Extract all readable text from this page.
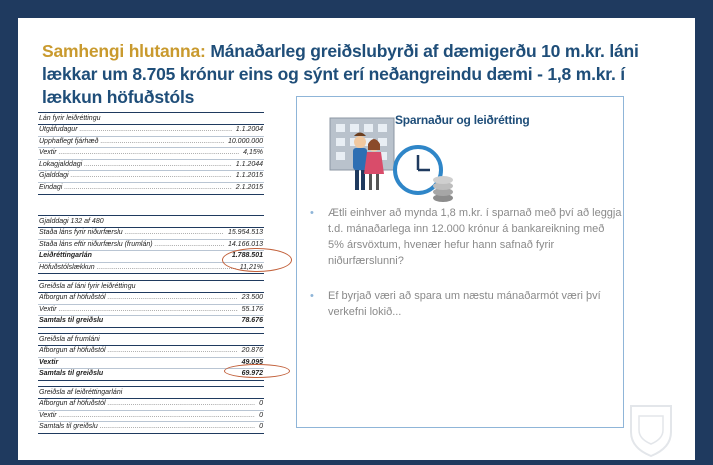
Samhengi hlutanna: Mánaðarleg greiðslubyrði af dæmigerðu 10 m.kr. láni lækkar um 8.705 krónur eins og sýnt erí neðangreindu dæmi - 1,8 m.kr. í lækkun höfuðstóls
Lán fyrir leiðréttingu
Útgáfudagur .....	1.1.2004
Upphaflegt fjárhæð .....	10.000.000
Vextir .....	4,15%
Lokagjalddagi .....	1.1.2044
Gjalddagi .....	1.1.2015
Eindagi .....	2.1.2015
Gjalddagi 132 af 480
Staða láns fyrir niðurfærslu .....	15.954.513
Staða láns eftir niðurfærslu (frumlán) .....	14.166.013
Leiðréttingarlán	1.788.501
Höfuðstólslækkun .....	11,21%
Greiðsla af láni fyrir leiðréttingu
Afborgun af höfuðstól .....	23.500
Vextir .....	55.176
Samtals til greiðslu	78.676
Greiðsla af frumláni
Afborgun af höfuðstól .....	20.876
Vextir	49.095
Samtals til greiðslu	69.972
Greiðsla af leiðréttingarláni
Afborgun af höfuðstól .....	0
Vextir .....	0
Samtals til greiðslu .....	0
Sparnaður og leiðrétting
• Ætli einhver að mynda 1,8 m.kr. í sparnað með því að leggja t.d. mánaðarlega inn 12.000 krónur á bankareikning með 5% ársvöxtum, hvenær hefur hann safnað fyrir niðurfærslunni?
• Ef byrjað væri að spara um næstu mánaðarmót væri því verkefni lokið...
